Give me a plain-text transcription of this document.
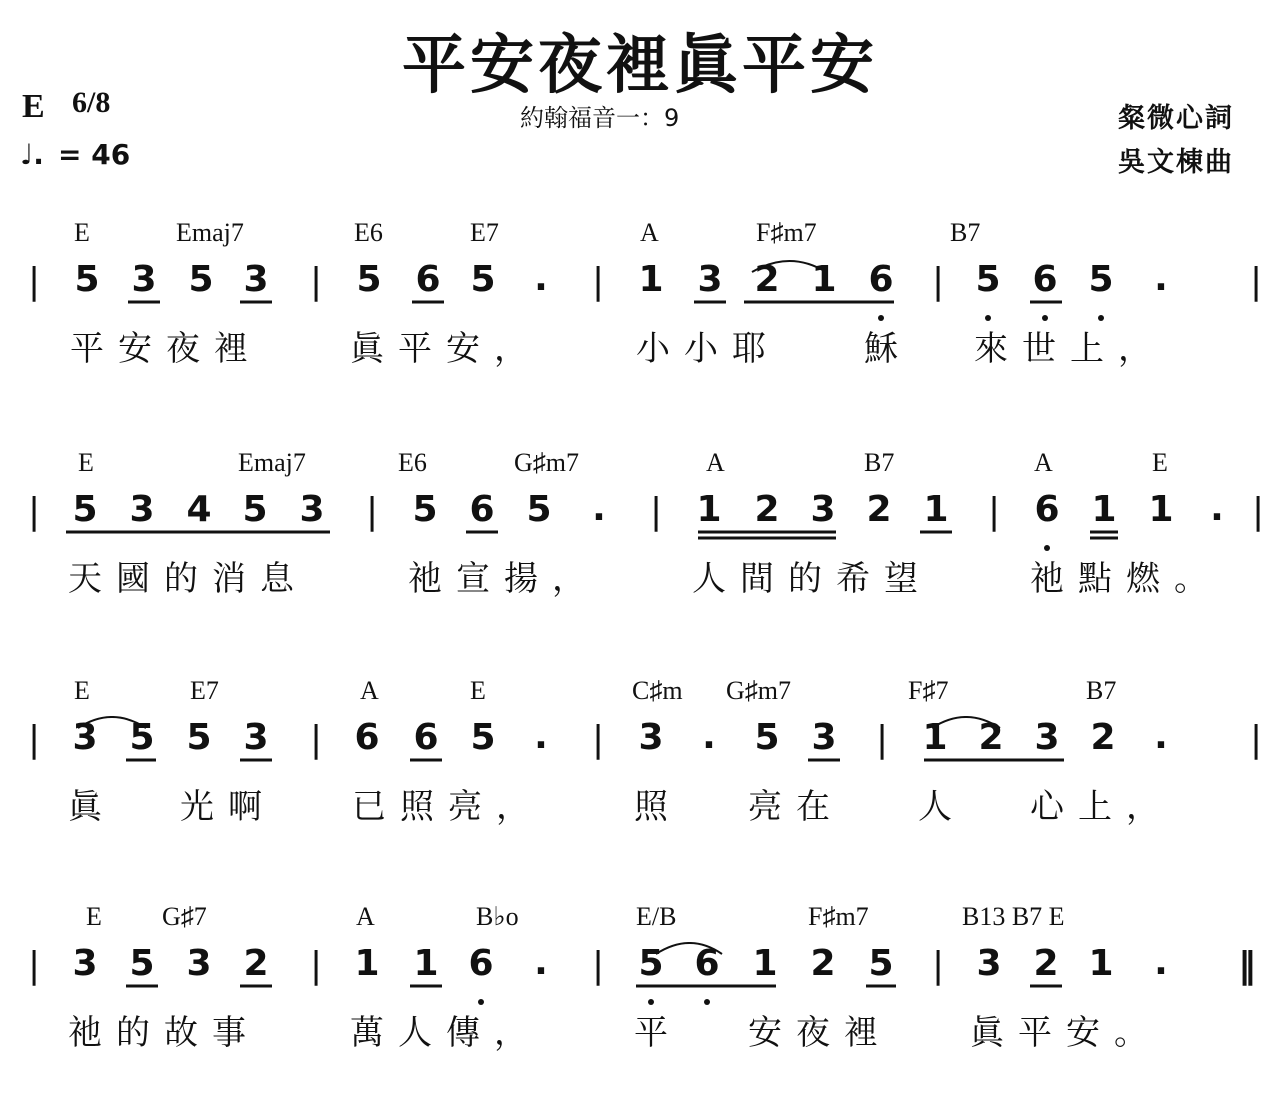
平安夜裡眞平安
E 6/8
♩. = 46
約翰福音一：9	粲微心詞
吳文棟曲
E	Emaj7	E6	E7	A	F♯m7	B7
| 5 3 5 3 | 5 6 5 · | 1 3 2 1 6 | 5 6 5 · |
平安夜裡	眞平安，	小小耶 穌 來世上，
E	Emaj7	E6	G♯m7	A	B7	A	E
| 5 3 4 5 3 | 5 6 5 · | 1 2 3 2 1 | 6 1 1 · |
天國的消息	祂宣揚，	人間的希望	祂點燃。
E	E7	A	E	C♯m G♯m7	F♯7	B7
| 3 5 5 3 | 6 6 5 · | 3 · 5 3 | 1 2 3 2 · |
眞 光啊 已照亮，	照 亮在 人 心上，
E G♯7	A	B♭o	E/B	F♯m7	B13 B7 E
| 3 5 3 2 | 1 1 6 · | 5 6 1 2 5 | 3 2 1 · ‖
祂的故事	萬人傳，	平 安夜裡 眞平安。
